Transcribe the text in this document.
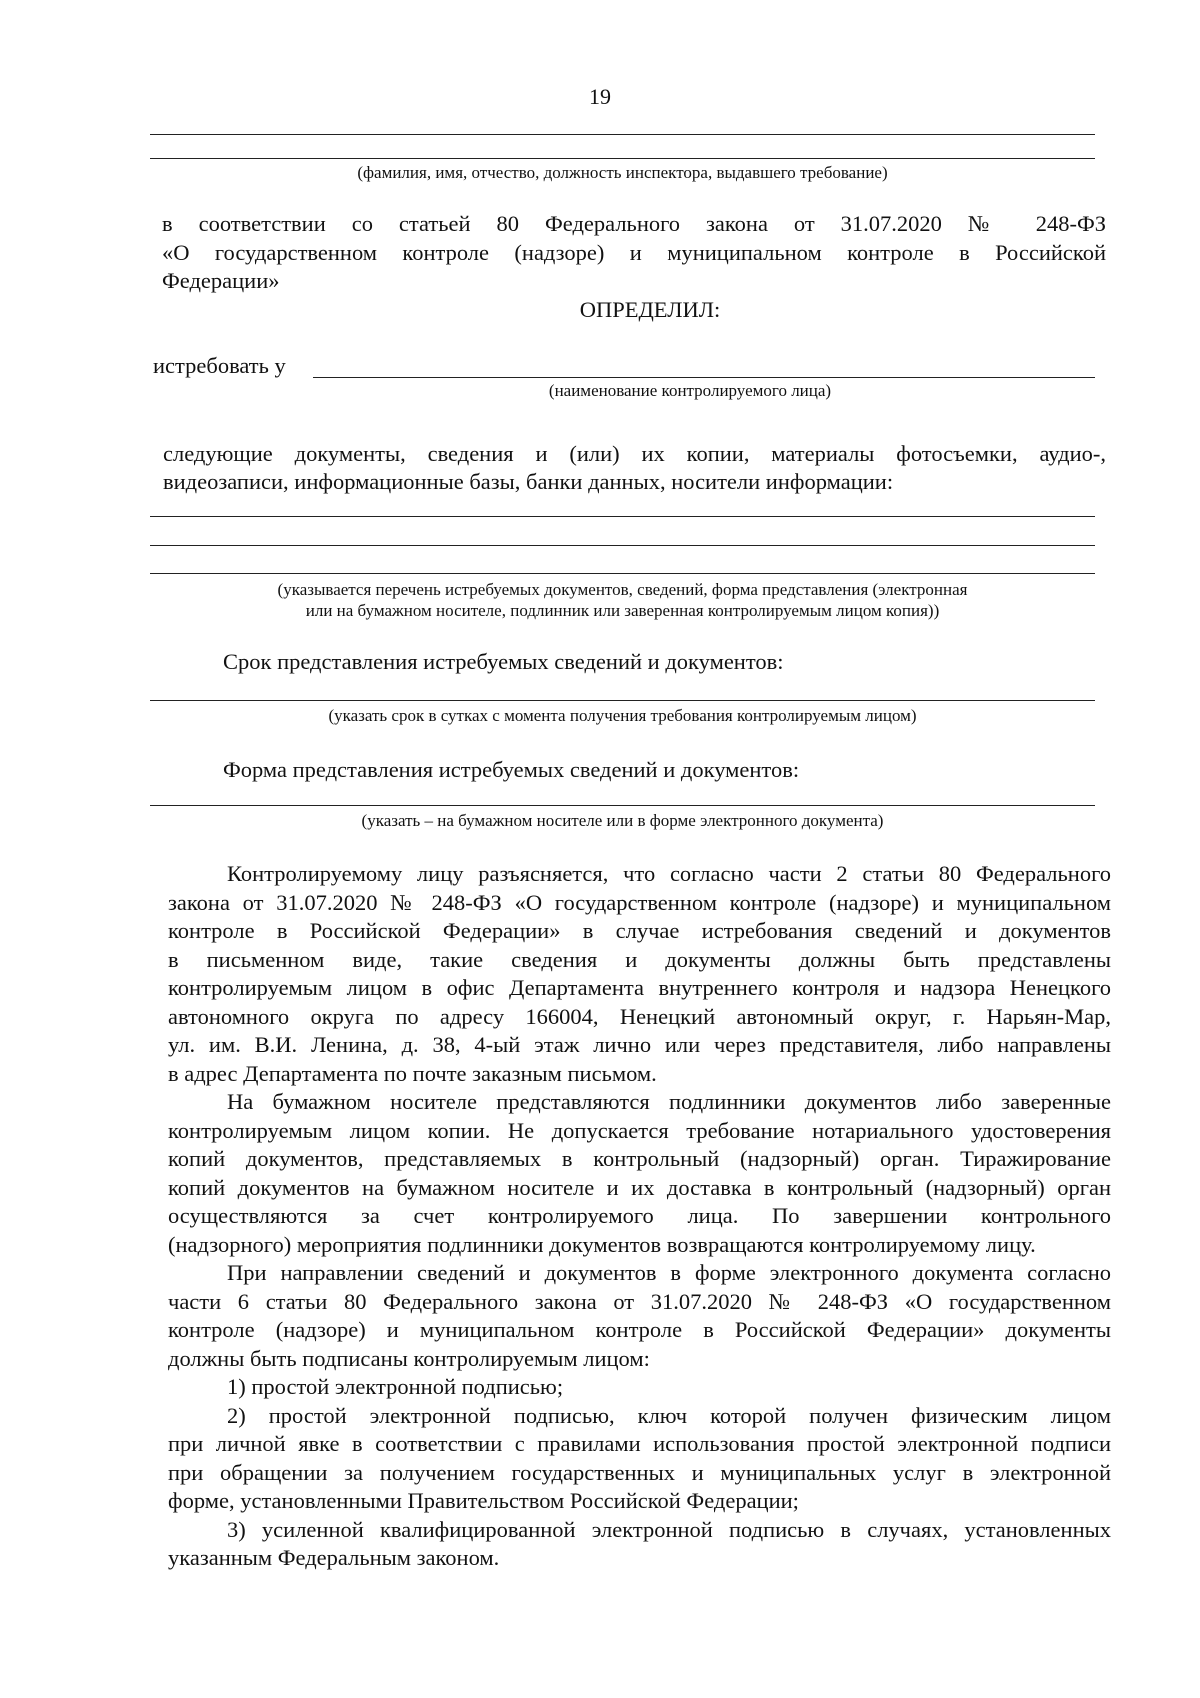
19
(фамилия, имя, отчество, должность инспектора, выдавшего требование)
в соответствии со статьей 80 Федерального закона от 31.07.2020 № 248-ФЗ
«О государственном контроле (надзоре) и муниципальном контроле в Российской
Федерации»
ОПРЕДЕЛИЛ:
истребовать у
(наименование контролируемого лица)
следующие документы, сведения и (или) их копии, материалы фотосъемки, аудио-,
видеозаписи, информационные базы, банки данных, носители информации:
(указывается перечень истребуемых документов, сведений, форма представления (электронная
или на бумажном носителе, подлинник или заверенная контролируемым лицом копия))
Срок представления истребуемых сведений и документов:
(указать срок в сутках с момента получения требования контролируемым лицом)
Форма представления истребуемых сведений и документов:
(указать – на бумажном носителе или в форме электронного документа)
Контролируемому лицу разъясняется, что согласно части 2 статьи 80 Федерального
закона от 31.07.2020 № 248-ФЗ «О государственном контроле (надзоре) и муниципальном
контроле в Российской Федерации» в случае истребования сведений и документов
в письменном виде, такие сведения и документы должны быть представлены
контролируемым лицом в офис Департамента внутреннего контроля и надзора Ненецкого
автономного округа по адресу 166004, Ненецкий автономный округ, г. Нарьян-Мар,
ул. им. В.И. Ленина, д. 38, 4-ый этаж лично или через представителя, либо направлены
в адрес Департамента по почте заказным письмом.
На бумажном носителе представляются подлинники документов либо заверенные
контролируемым лицом копии. Не допускается требование нотариального удостоверения
копий документов, представляемых в контрольный (надзорный) орган. Тиражирование
копий документов на бумажном носителе и их доставка в контрольный (надзорный) орган
осуществляются за счет контролируемого лица. По завершении контрольного
(надзорного) мероприятия подлинники документов возвращаются контролируемому лицу.
При направлении сведений и документов в форме электронного документа согласно
части 6 статьи 80 Федерального закона от 31.07.2020 № 248-ФЗ «О государственном
контроле (надзоре) и муниципальном контроле в Российской Федерации» документы
должны быть подписаны контролируемым лицом:
1) простой электронной подписью;
2) простой электронной подписью, ключ которой получен физическим лицом
при личной явке в соответствии с правилами использования простой электронной подписи
при обращении за получением государственных и муниципальных услуг в электронной
форме, установленными Правительством Российской Федерации;
3) усиленной квалифицированной электронной подписью в случаях, установленных
указанным Федеральным законом.
